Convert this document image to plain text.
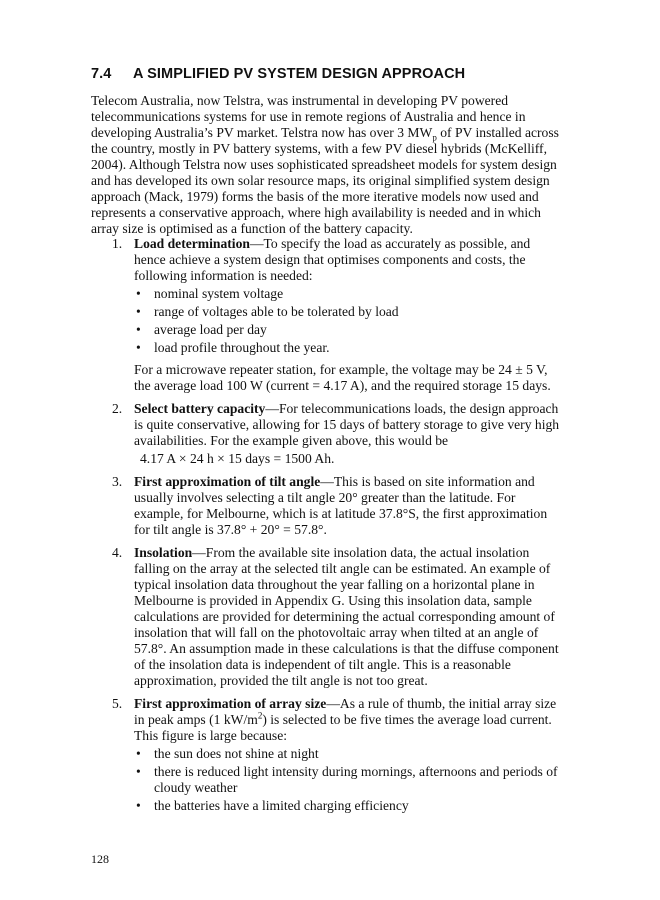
7.4 A SIMPLIFIED PV SYSTEM DESIGN APPROACH
Telecom Australia, now Telstra, was instrumental in developing PV powered telecommunications systems for use in remote regions of Australia and hence in developing Australia’s PV market. Telstra now has over 3 $MW_p$ of PV installed across the country, mostly in PV battery systems, with a few PV diesel hybrids (McKelliff, 2004). Although Telstra now uses sophisticated spreadsheet models for system design and has developed its own solar resource maps, its original simplified system design approach (Mack, 1979) forms the basis of the more iterative models now used and represents a conservative approach, where high availability is needed and in which array size is optimised as a function of the battery capacity.
1. Load determination—To specify the load as accurately as possible, and hence achieve a system design that optimises components and costs, the following information is needed:
• nominal system voltage
• range of voltages able to be tolerated by load
• average load per day
• load profile throughout the year.
For a microwave repeater station, for example, the voltage may be 24 ± 5 V, the average load 100 W (current = 4.17 A), and the required storage 15 days.
2. Select battery capacity—For telecommunications loads, the design approach is quite conservative, allowing for 15 days of battery storage to give very high availabilities. For the example given above, this would be
4.17 A × 24 h × 15 days = 1500 Ah.
3. First approximation of tilt angle—This is based on site information and usually involves selecting a tilt angle 20° greater than the latitude. For example, for Melbourne, which is at latitude 37.8°S, the first approximation for tilt angle is 37.8° + 20° = 57.8°.
4. Insolation—From the available site insolation data, the actual insolation falling on the array at the selected tilt angle can be estimated. An example of typical insolation data throughout the year falling on a horizontal plane in Melbourne is provided in Appendix G. Using this insolation data, sample calculations are provided for determining the actual corresponding amount of insolation that will fall on the photovoltaic array when tilted at an angle of 57.8°. An assumption made in these calculations is that the diffuse component of the insolation data is independent of tilt angle. This is a reasonable approximation, provided the tilt angle is not too great.
5. First approximation of array size—As a rule of thumb, the initial array size in peak amps (1 $kW/m^2$) is selected to be five times the average load current. This figure is large because:
• the sun does not shine at night
• there is reduced light intensity during mornings, afternoons and periods of cloudy weather
• the batteries have a limited charging efficiency
128
